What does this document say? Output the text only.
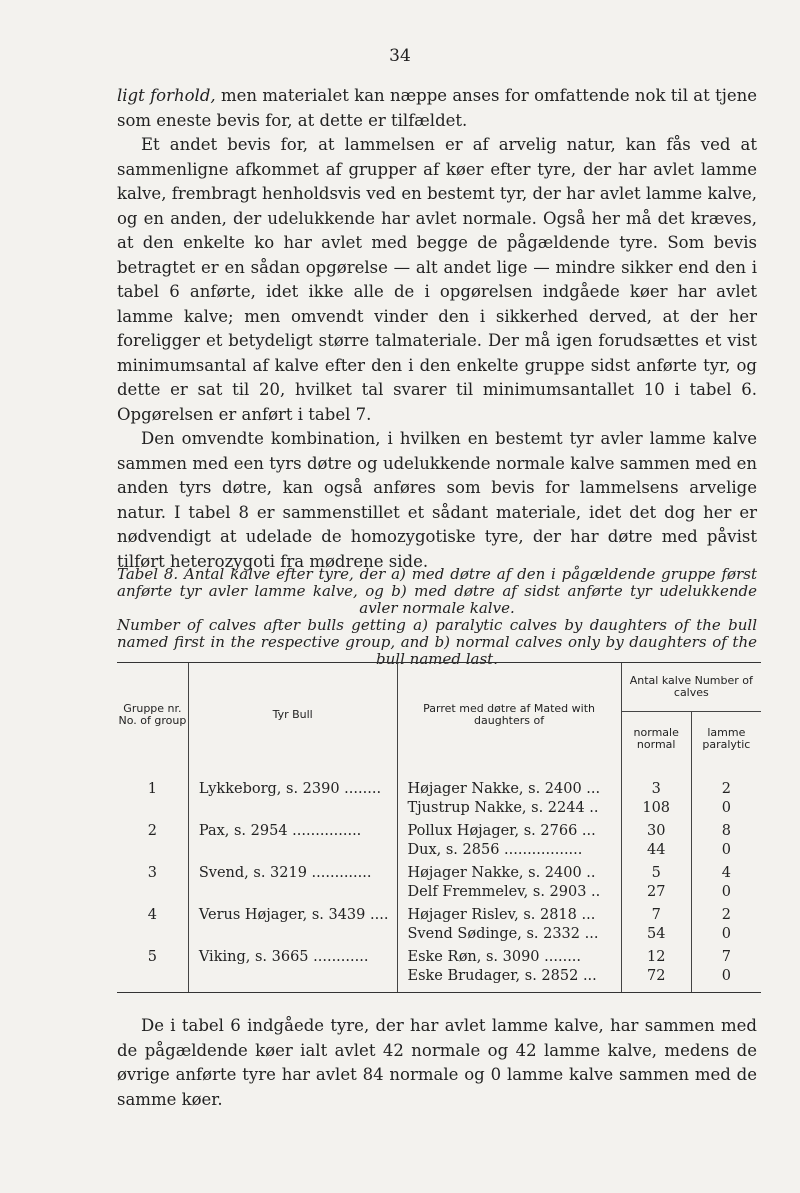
34

ligt forhold, men materialet kan næppe anses for omfattende nok til at tjene som eneste bevis for, at dette er tilfældet.

Et andet bevis for, at lammelsen er af arvelig natur, kan fås ved at sammenligne afkommet af grupper af køer efter tyre, der har avlet lamme kalve, frembragt henholdsvis ved en bestemt tyr, der har avlet lamme kalve, og en anden, der udelukkende har avlet normale. Også her må det kræves, at den enkelte ko har avlet med begge de pågældende tyre. Som bevis betragtet er en sådan opgørelse — alt andet lige — mindre sikker end den i tabel 6 anførte, idet ikke alle de i opgørelsen indgåede køer har avlet lamme kalve; men omvendt vinder den i sikkerhed derved, at der her foreligger et betydeligt større talmateriale. Der må igen forudsættes et vist minimumsantal af kalve efter den i den enkelte gruppe sidst anførte tyr, og dette er sat til 20, hvilket tal svarer til minimumsantallet 10 i tabel 6. Opgørelsen er anført i tabel 7.

Den omvendte kombination, i hvilken en bestemt tyr avler lamme kalve sammen med een tyrs døtre og udelukkende normale kalve sammen med en anden tyrs døtre, kan også anføres som bevis for lammelsens arvelige natur. I tabel 8 er sammenstillet et sådant materiale, idet det dog her er nødvendigt at udelade de homozygotiske tyre, der har døtre med påvist tilført heterozygoti fra mødrene side.

Tabel 8. Antal kalve efter tyre, der a) med døtre af den i pågældende gruppe først anførte tyr avler lamme kalve, og b) med døtre af sidst anførte tyr udelukkende avler normale kalve.

Number of calves after bulls getting a) paralytic calves by daughters of the bull named first in the respective group, and b) normal calves only by daughters of the bull named last.

Gruppe nr. No. of group	Tyr Bull	Parret med døtre af Mated with daughters of	Antal kalve Number of calves	
			normale normal	lamme paralytic
1	Lykkeborg, s. 2390 ........	Højager Nakke, s. 2400 ...	3	2
		Tjustrup Nakke, s. 2244 ..	108	0
2	Pax, s. 2954 ...............	Pollux Højager, s. 2766 ...	30	8
		Dux, s. 2856 .................	44	0
3	Svend, s. 3219 .............	Højager Nakke, s. 2400 ..	5	4
		Delf Fremmelev, s. 2903 ..	27	0
4	Verus Højager, s. 3439 ....	Højager Rislev, s. 2818 ...	7	2
		Svend Sødinge, s. 2332 ...	54	0
5	Viking, s. 3665 ............	Eske Røn, s. 3090 ........	12	7
		Eske Brudager, s. 2852 ...	72	0

De i tabel 6 indgåede tyre, der har avlet lamme kalve, har sammen med de pågældende køer ialt avlet 42 normale og 42 lamme kalve, medens de øvrige anførte tyre har avlet 84 normale og 0 lamme kalve sammen med de samme køer.
